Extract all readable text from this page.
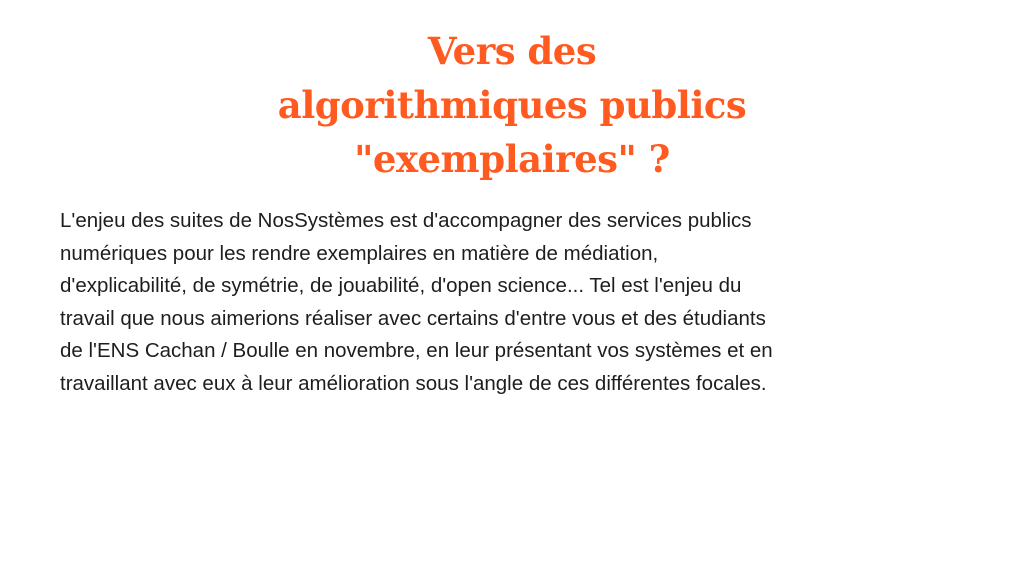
Vers des
algorithmiques publics
"exemplaires" ?
L'enjeu des suites de NosSystèmes est d'accompagner des services publics
numériques pour les rendre exemplaires en matière de médiation,
d'explicabilité, de symétrie, de jouabilité, d'open science... Tel est l'enjeu du
travail que nous aimerions réaliser avec certains d'entre vous et des étudiants
de l'ENS Cachan / Boulle en novembre, en leur présentant vos systèmes et en
travaillant avec eux à leur amélioration sous l'angle de ces différentes focales.
